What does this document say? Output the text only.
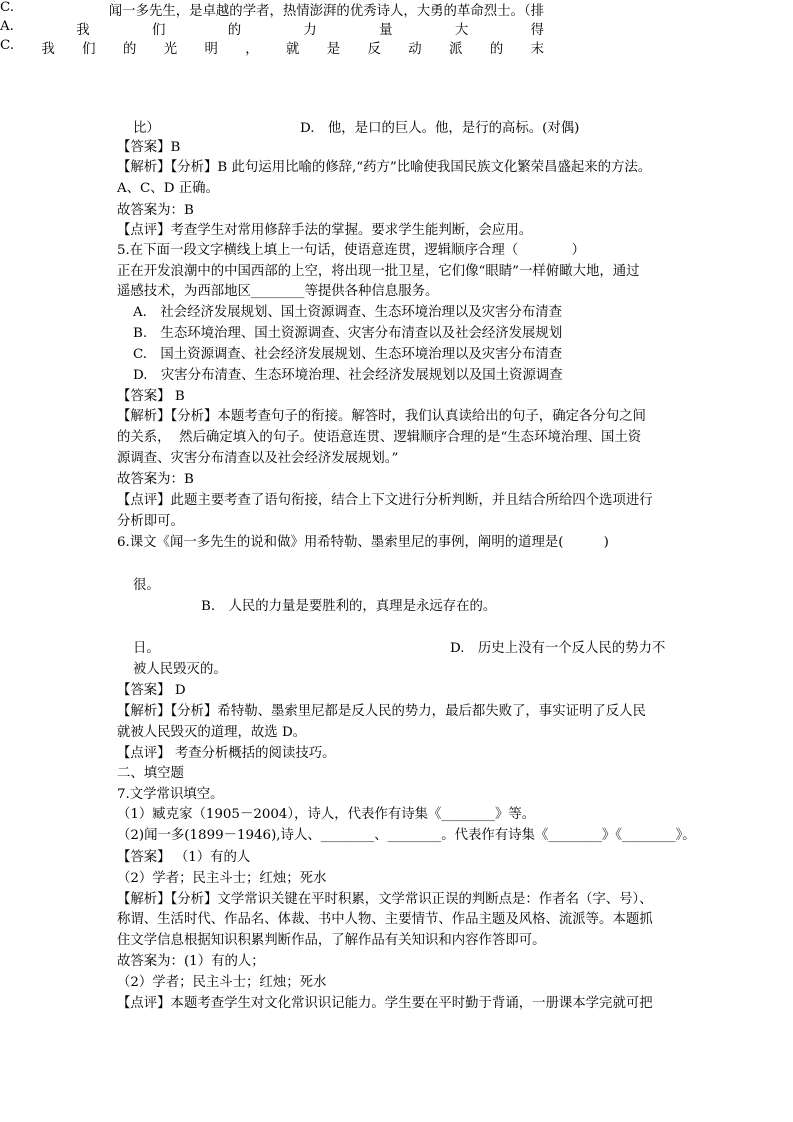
C.	闻一多先生，是卓越的学者，热情澎湃的优秀诗人，大勇的革命烈士。（排
比）	D.　他，是口的巨人。他，是行的高标。(对偶)
【答案】B
【解析】【分析】B 此句运用比喻的修辞,“药方”比喻使我国民族文化繁荣昌盛起来的方法。
A、C、D 正确。
故答案为：B
【点评】考查学生对常用修辞手法的掌握。要求学生能判断，会应用。
5.在下面一段文字横线上填上一句话，使语意连贯，逻辑顺序合理（　　　　）
正在开发浪潮中的中国西部的上空，将出现一批卫星，它们像“眼睛”一样俯瞰大地，通过
遥感技术，为西部地区________等提供各种信息服务。
A.　社会经济发展规划、国土资源调查、生态环境治理以及灾害分布清查
B.　生态环境治理、国土资源调查、灾害分布清查以及社会经济发展规划
C.　国土资源调查、社会经济发展规划、生态环境治理以及灾害分布清查
D.　灾害分布清查、生态环境治理、社会经济发展规划以及国土资源调查
【答案】 B
【解析】【分析】本题考查句子的衔接。解答时，我们认真读给出的句子，确定各分句之间
的关系，  然后确定填入的句子。使语意连贯、逻辑顺序合理的是“生态环境治理、国土资
源调查、灾害分布清查以及社会经济发展规划。”
故答案为：B
【点评】此题主要考查了语句衔接，结合上下文进行分析判断，并且结合所给四个选项进行
分析即可。
6.课文《闻一多先生的说和做》用希特勒、墨索里尼的事例，阐明的道理是(　　　)
A.	我	们	的	力	量	大	得
很。
B.　人民的力量是要胜利的，真理是永远存在的。
C. 我 们 的 光 明 ， 就 是 反 动 派 的 末
日。	D.　历史上没有一个反人民的势力不
被人民毁灭的。
【答案】 D
【解析】【分析】希特勒、墨索里尼都是反人民的势力，最后都失败了，事实证明了反人民
就被人民毁灭的道理，故选 D。
【点评】 考查分析概括的阅读技巧。
二、填空题
7.文学常识填空。
（1）臧克家（1905－2004），诗人，代表作有诗集《________》等。
（2)闻一多(1899－1946),诗人、________、________。代表作有诗集《________》《________》。
【答案】 （1）有的人
（2）学者；民主斗士；红烛；死水
【解析】【分析】文学常识关键在平时积累，文学常识正误的判断点是：作者名（字、号）、
称谓、生活时代、作品名、体裁、书中人物、主要情节、作品主题及风格、流派等。本题抓
住文学信息根据知识积累判断作品，了解作品有关知识和内容作答即可。
故答案为：(1）有的人；
（2）学者；民主斗士；红烛；死水
【点评】本题考查学生对文化常识识记能力。学生要在平时勤于背诵，一册课本学完就可把
